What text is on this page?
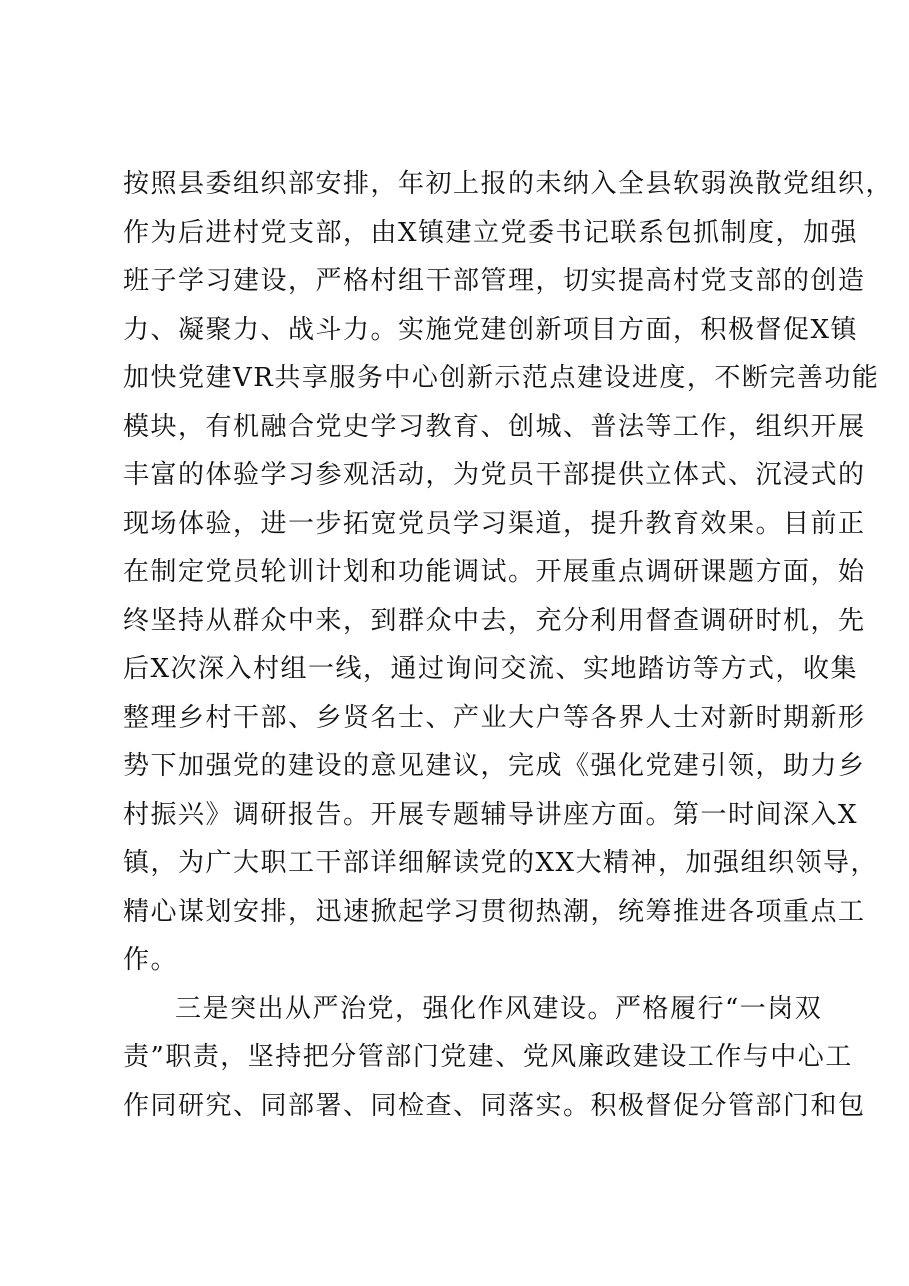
按照县委组织部安排，年初上报的未纳入全县软弱涣散党组织，
作为后进村党支部，由X镇建立党委书记联系包抓制度，加强
班子学习建设，严格村组干部管理，切实提高村党支部的创造
力、凝聚力、战斗力。实施党建创新项目方面，积极督促X镇
加快党建VR共享服务中心创新示范点建设进度，不断完善功能
模块，有机融合党史学习教育、创城、普法等工作，组织开展
丰富的体验学习参观活动，为党员干部提供立体式、沉浸式的
现场体验，进一步拓宽党员学习渠道，提升教育效果。目前正
在制定党员轮训计划和功能调试。开展重点调研课题方面，始
终坚持从群众中来，到群众中去，充分利用督查调研时机，先
后X次深入村组一线，通过询问交流、实地踏访等方式，收集
整理乡村干部、乡贤名士、产业大户等各界人士对新时期新形
势下加强党的建设的意见建议，完成《强化党建引领，助力乡
村振兴》调研报告。开展专题辅导讲座方面。第一时间深入X
镇，为广大职工干部详细解读党的XX大精神，加强组织领导，
精心谋划安排，迅速掀起学习贯彻热潮，统筹推进各项重点工
作。
三是突出从严治党，强化作风建设。严格履行“一岗双
责”职责，坚持把分管部门党建、党风廉政建设工作与中心工
作同研究、同部署、同检查、同落实。积极督促分管部门和包
